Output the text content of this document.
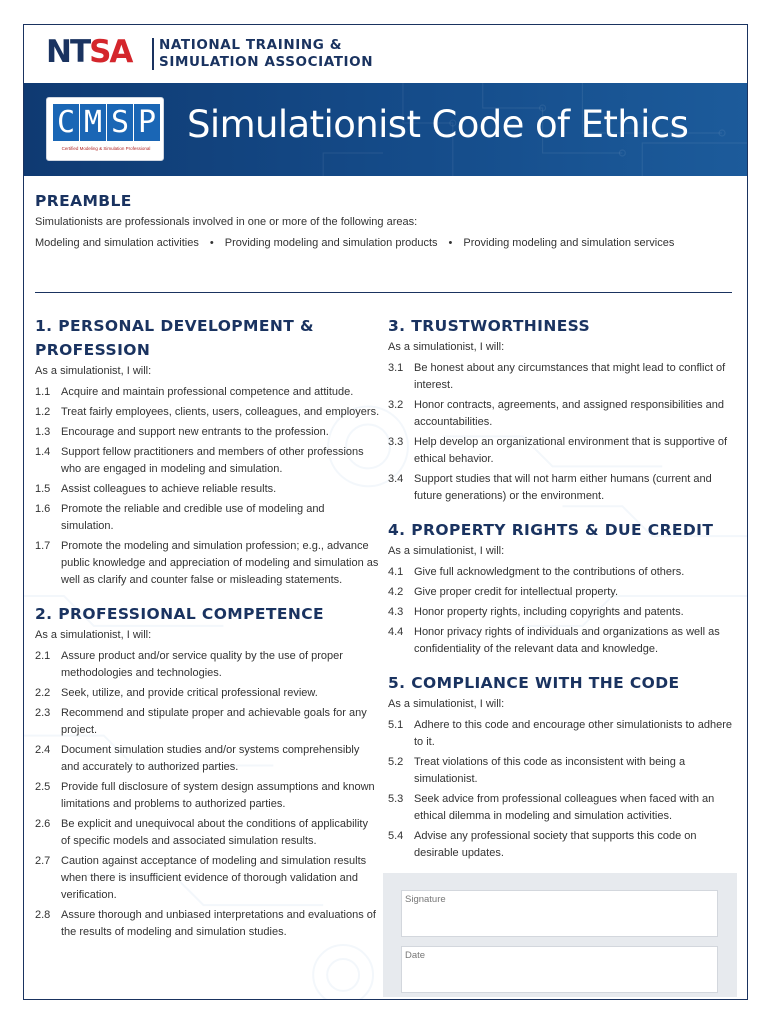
NTSA NATIONAL TRAINING &
SIMULATION ASSOCIATION
C M S P
Certified Modeling & Simulation Professional
Simulationist Code of Ethics
PREAMBLE
Simulationists are professionals involved in one or more of the following areas:
Modeling and simulation activities • Providing modeling and simulation products • Providing modeling and simulation services
1. PERSONAL DEVELOPMENT & PROFESSION
As a simulationist, I will:
1.1 Acquire and maintain professional competence and attitude.
1.2 Treat fairly employees, clients, users, colleagues, and employers.
1.3 Encourage and support new entrants to the profession.
1.4 Support fellow practitioners and members of other professions who are engaged in modeling and simulation.
1.5 Assist colleagues to achieve reliable results.
1.6 Promote the reliable and credible use of modeling and simulation.
1.7 Promote the modeling and simulation profession; e.g., advance public knowledge and appreciation of modeling and simulation as well as clarify and counter false or misleading statements.
2. PROFESSIONAL COMPETENCE
As a simulationist, I will:
2.1 Assure product and/or service quality by the use of proper methodologies and technologies.
2.2 Seek, utilize, and provide critical professional review.
2.3 Recommend and stipulate proper and achievable goals for any project.
2.4 Document simulation studies and/or systems comprehensibly and accurately to authorized parties.
2.5 Provide full disclosure of system design assumptions and known limitations and problems to authorized parties.
2.6 Be explicit and unequivocal about the conditions of applicability of specific models and associated simulation results.
2.7 Caution against acceptance of modeling and simulation results when there is insufficient evidence of thorough validation and verification.
2.8 Assure thorough and unbiased interpretations and evaluations of the results of modeling and simulation studies.
3. TRUSTWORTHINESS
As a simulationist, I will:
3.1 Be honest about any circumstances that might lead to conflict of interest.
3.2 Honor contracts, agreements, and assigned responsibilities and accountabilities.
3.3 Help develop an organizational environment that is supportive of ethical behavior.
3.4 Support studies that will not harm either humans (current and future generations) or the environment.
4. PROPERTY RIGHTS & DUE CREDIT
As a simulationist, I will:
4.1 Give full acknowledgment to the contributions of others.
4.2 Give proper credit for intellectual property.
4.3 Honor property rights, including copyrights and patents.
4.4 Honor privacy rights of individuals and organizations as well as confidentiality of the relevant data and knowledge.
5. COMPLIANCE WITH THE CODE
As a simulationist, I will:
5.1 Adhere to this code and encourage other simulationists to adhere to it.
5.2 Treat violations of this code as inconsistent with being a simulationist.
5.3 Seek advice from professional colleagues when faced with an ethical dilemma in modeling and simulation activities.
5.4 Advise any professional society that supports this code on desirable updates.
Signature
Date
